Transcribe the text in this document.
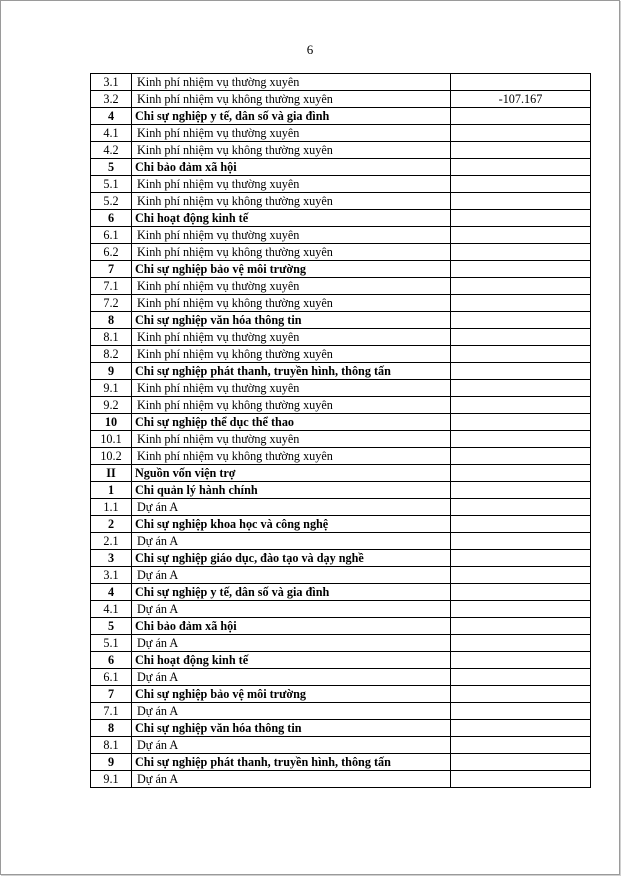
6
3.1	Kinh phí nhiệm vụ thường xuyên	
3.2	Kinh phí nhiệm vụ không thường xuyên	-107.167
4	Chi sự nghiệp y tế, dân số và gia đình	
4.1	Kinh phí nhiệm vụ thường xuyên	
4.2	Kinh phí nhiệm vụ không thường xuyên	
5	Chi bảo đảm xã hội	
5.1	Kinh phí nhiệm vụ thường xuyên	
5.2	Kinh phí nhiệm vụ không thường xuyên	
6	Chi hoạt động kinh tế	
6.1	Kinh phí nhiệm vụ thường xuyên	
6.2	Kinh phí nhiệm vụ không thường xuyên	
7	Chi sự nghiệp bảo vệ môi trường	
7.1	Kinh phí nhiệm vụ thường xuyên	
7.2	Kinh phí nhiệm vụ không thường xuyên	
8	Chi sự nghiệp văn hóa thông tin	
8.1	Kinh phí nhiệm vụ thường xuyên	
8.2	Kinh phí nhiệm vụ không thường xuyên	
9	Chi sự nghiệp phát thanh, truyền hình, thông tấn	
9.1	Kinh phí nhiệm vụ thường xuyên	
9.2	Kinh phí nhiệm vụ không thường xuyên	
10	Chi sự nghiệp thể dục thể thao	
10.1	Kinh phí nhiệm vụ thường xuyên	
10.2	Kinh phí nhiệm vụ không thường xuyên	
II	Nguồn vốn viện trợ	
1	Chi quản lý hành chính	
1.1	Dự án A	
2	Chi sự nghiệp khoa học và công nghệ	
2.1	Dự án A	
3	Chi sự nghiệp giáo dục, đào tạo và dạy nghề	
3.1	Dự án A	
4	Chi sự nghiệp y tế, dân số và gia đình	
4.1	Dự án A	
5	Chi bảo đảm xã hội	
5.1	Dự án A	
6	Chi hoạt động kinh tế	
6.1	Dự án A	
7	Chi sự nghiệp bảo vệ môi trường	
7.1	Dự án A	
8	Chi sự nghiệp văn hóa thông tin	
8.1	Dự án A	
9	Chi sự nghiệp phát thanh, truyền hình, thông tấn	
9.1	Dự án A	
